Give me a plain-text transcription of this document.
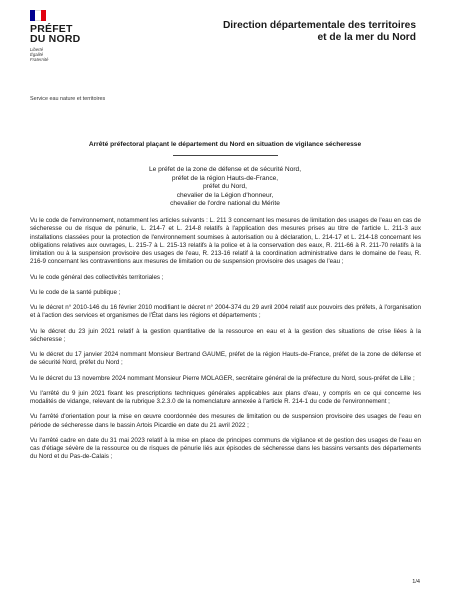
PRÉFET
DU NORD
Liberté
Égalité
Fraternité
Direction départementale des territoires
et de la mer du Nord
Service eau nature et territoires
Arrêté préfectoral plaçant le département du Nord en situation de vigilance sécheresse
Le préfet de la zone de défense et de sécurité Nord,
préfet de la région Hauts-de-France,
préfet du Nord,
chevalier de la Légion d'honneur,
chevalier de l'ordre national du Mérite

Vu le code de l'environnement, notamment les articles suivants : L. 211 3 concernant les mesures de limitation des usages de l'eau en cas de sécheresse ou de risque de pénurie, L. 214-7 et L. 214-8 relatifs à l'application des mesures prises au titre de l'article L. 211-3 aux installations classées pour la protection de l'environnement soumises à autorisation ou à déclaration, L. 214-17 et L. 214-18 concernant les obligations relatives aux ouvrages, L. 215-7 à L. 215-13 relatifs à la police et à la conservation des eaux, R. 211-66 à R. 211-70 relatifs à la limitation ou à la suspension provisoire des usages de l'eau, R. 213-16 relatif à la coordination administrative dans le domaine de l'eau, R. 216-9 concernant les contraventions aux mesures de limitation ou de suspension provisoire des usages de l'eau ;

Vu le code général des collectivités territoriales ;

Vu le code de la santé publique ;

Vu le décret n° 2010-146 du 16 février 2010 modifiant le décret n° 2004-374 du 29 avril 2004 relatif aux pouvoirs des préfets, à l'organisation et à l'action des services et organismes de l'État dans les régions et départements ;

Vu le décret du 23 juin 2021 relatif à la gestion quantitative de la ressource en eau et à la gestion des situations de crise liées à la sécheresse ;

Vu le décret du 17 janvier 2024 nommant Monsieur Bertrand GAUME, préfet de la région Hauts-de-France, préfet de la zone de défense et de sécurité Nord, préfet du Nord ;

Vu le décret du 13 novembre 2024 nommant Monsieur Pierre MOLAGER, secrétaire général de la préfecture du Nord, sous-préfet de Lille ;

Vu l'arrêté du 9 juin 2021 fixant les prescriptions techniques générales applicables aux plans d'eau, y compris en ce qui concerne les modalités de vidange, relevant de la rubrique 3.2.3.0 de la nomenclature annexée à l'article R. 214-1 du code de l'environnement ;

Vu l'arrêté d'orientation pour la mise en œuvre coordonnée des mesures de limitation ou de suspension provisoire des usages de l'eau en période de sécheresse dans le bassin Artois Picardie en date du 21 avril 2022 ;

Vu l'arrêté cadre en date du 31 mai 2023 relatif à la mise en place de principes communs de vigilance et de gestion des usages de l'eau en cas d'étiage sévère de la ressource ou de risques de pénurie liés aux épisodes de sécheresse dans les bassins versants des départements du Nord et du Pas-de-Calais ;

1/4
